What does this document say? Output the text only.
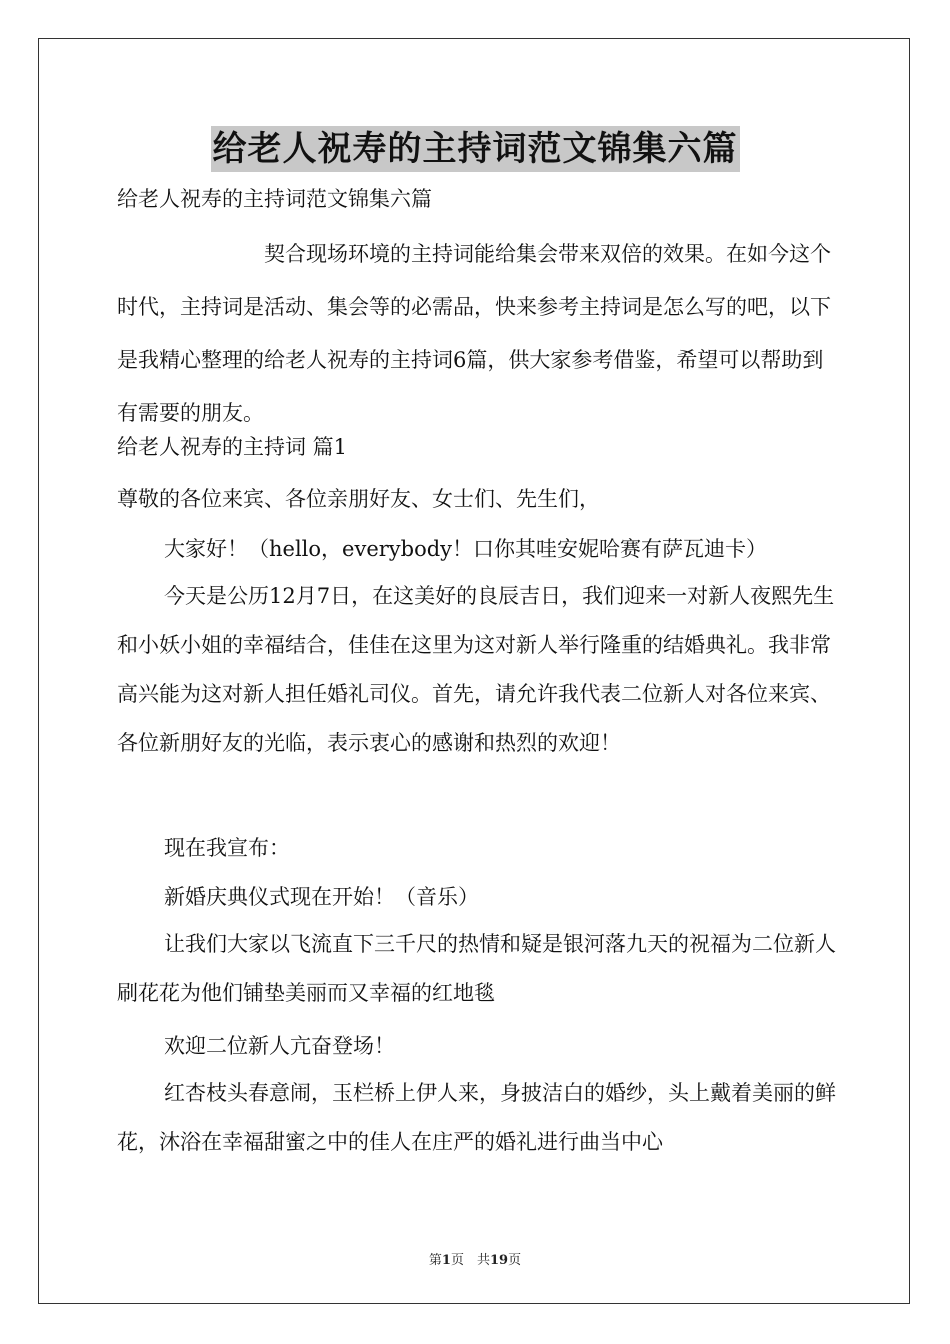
给老人祝寿的主持词范文锦集六篇

给老人祝寿的主持词范文锦集六篇

契合现场环境的主持词能给集会带来双倍的效果。在如今这个时代，主持词是活动、集会等的必需品，快来参考主持词是怎么写的吧，以下是我精心整理的给老人祝寿的主持词6篇，供大家参考借鉴，希望可以帮助到有需要的朋友。

给老人祝寿的主持词 篇1

尊敬的各位来宾、各位亲朋好友、女士们、先生们，

大家好！（hello，everybody！口你其哇安妮哈赛有萨瓦迪卡）

今天是公历12月7日，在这美好的良辰吉日，我们迎来一对新人夜熙先生和小妖小姐的幸福结合，佳佳在这里为这对新人举行隆重的结婚典礼。我非常高兴能为这对新人担任婚礼司仪。首先，请允许我代表二位新人对各位来宾、各位新朋好友的光临，表示衷心的感谢和热烈的欢迎！

现在我宣布：

新婚庆典仪式现在开始！（音乐）

让我们大家以飞流直下三千尺的热情和疑是银河落九天的祝福为二位新人刷花花为他们铺垫美丽而又幸福的红地毯

欢迎二位新人亢奋登场！

红杏枝头春意闹，玉栏桥上伊人来，身披洁白的婚纱，头上戴着美丽的鲜花，沐浴在幸福甜蜜之中的佳人在庄严的婚礼进行曲当中心

第1页　共19页
